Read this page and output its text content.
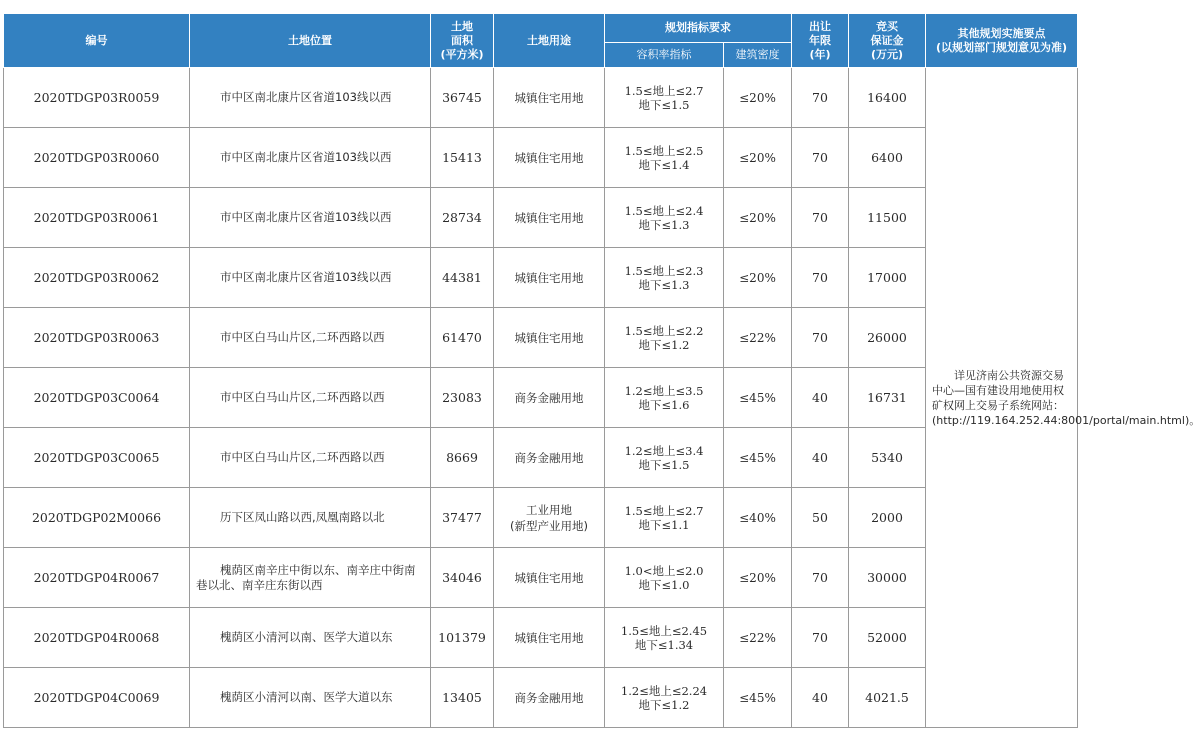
编号	土地位置	土地
面积
(平方米)	土地用途	规划指标要求		出让
年限
(年)	竞买
保证金
(万元)	其他规划实施要点
(以规划部门规划意见为准)
				容积率指标	建筑密度			
2020TDGP03R0059	市中区南北康片区省道103线以西	36745	城镇住宅用地	1.5≤地上≤2.7
地下≤1.5	≤20%	70	16400	详见济南公共资源交易中心—国有建设用地使用权矿权网上交易子系统网站：(http://119.164.252.44:8001/portal/main.html)。

2020TDGP03R0060	市中区南北康片区省道103线以西	15413	城镇住宅用地	1.5≤地上≤2.5
地下≤1.4	≤20%	70	6400	
2020TDGP03R0061	市中区南北康片区省道103线以西	28734	城镇住宅用地	1.5≤地上≤2.4
地下≤1.3	≤20%	70	11500	
2020TDGP03R0062	市中区南北康片区省道103线以西	44381	城镇住宅用地	1.5≤地上≤2.3
地下≤1.3	≤20%	70	17000	
2020TDGP03R0063	市中区白马山片区,二环西路以西	61470	城镇住宅用地	1.5≤地上≤2.2
地下≤1.2	≤22%	70	26000	
2020TDGP03C0064	市中区白马山片区,二环西路以西	23083	商务金融用地	1.2≤地上≤3.5
地下≤1.6	≤45%	40	16731	
2020TDGP03C0065	市中区白马山片区,二环西路以西	8669	商务金融用地	1.2≤地上≤3.4
地下≤1.5	≤45%	40	5340	
2020TDGP02M0066	历下区凤山路以西,凤凰南路以北	37477	工业用地
(新型产业用地)	1.5≤地上≤2.7
地下≤1.1	≤40%	50	2000	
2020TDGP04R0067	槐荫区南辛庄中街以东、南辛庄中街南巷以北、南辛庄东街以西	34046	城镇住宅用地	1.0<地上≤2.0
地下≤1.0	≤20%	70	30000	
2020TDGP04R0068	槐荫区小清河以南、医学大道以东	101379	城镇住宅用地	1.5≤地上≤2.45
地下≤1.34	≤22%	70	52000	
2020TDGP04C0069	槐荫区小清河以南、医学大道以东	13405	商务金融用地	1.2≤地上≤2.24
地下≤1.2	≤45%	40	4021.5	
